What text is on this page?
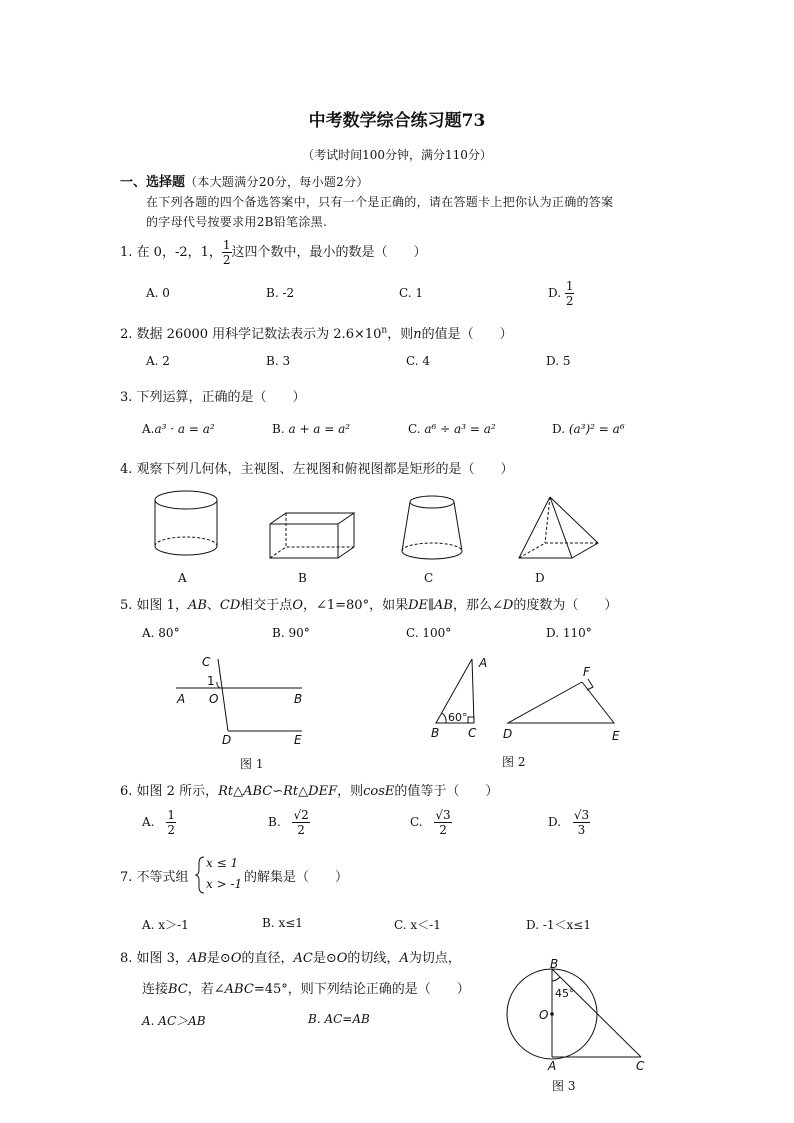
中考数学综合练习题73
（考试时间100分钟，满分110分）
一、选择题（本大题满分20分，每小题2分）
在下列各题的四个备选答案中，只有一个是正确的，请在答题卡上把你认为正确的答案
的字母代号按要求用2B铅笔涂黑.
1. 在 0，-2，1， $\frac{1}{2}$ 这四个数中，最小的数是（　　）
A. 0	B. -2	C. 1	D. $\frac{1}{2}$
2. 数据 26000 用科学记数法表示为 $2.6\times 10^n$，则n的值是（　　）
A. 2	B. 3	C. 4	D. 5
3. 下列运算，正确的是（　　）
A.a³ · a = a²	B. a + a = a²	C. a⁶ ÷ a³ = a²	D. (a³)² = a⁶
4. 观察下列几何体，主视图、左视图和俯视图都是矩形的是（　　）
A	B	C	D
5. 如图 1，AB、CD相交于点O，∠1=80°，如果DE∥AB，那么∠D的度数为（　　）
A. 80°	B. 90°	C. 100°	D. 110°
C
1
A O	B
D	E
图 1
A
60°
B C
F
D	E
图 2
6. 如图 2 所示，Rt△ABC∽Rt△DEF，则cosE的值等于（　　）
A. $\frac{1}{2}$	B. $\frac{√2}{2}$	C. $\frac{√3}{2}$	D. $\frac{√3}{3}$
7. 不等式组
x ≤ 1
x > -1 的解集是（　　）
A. x＞-1	B. x≤1	C. x＜-1	D. -1＜x≤1
8. 如图 3，AB是⊙O的直径，AC是⊙O的切线，A为切点，
连接BC，若∠ABC=45°，则下列结论正确的是（　　）
A. AC＞AB	B. AC=AB
B
45°
O
A	C
图 3
